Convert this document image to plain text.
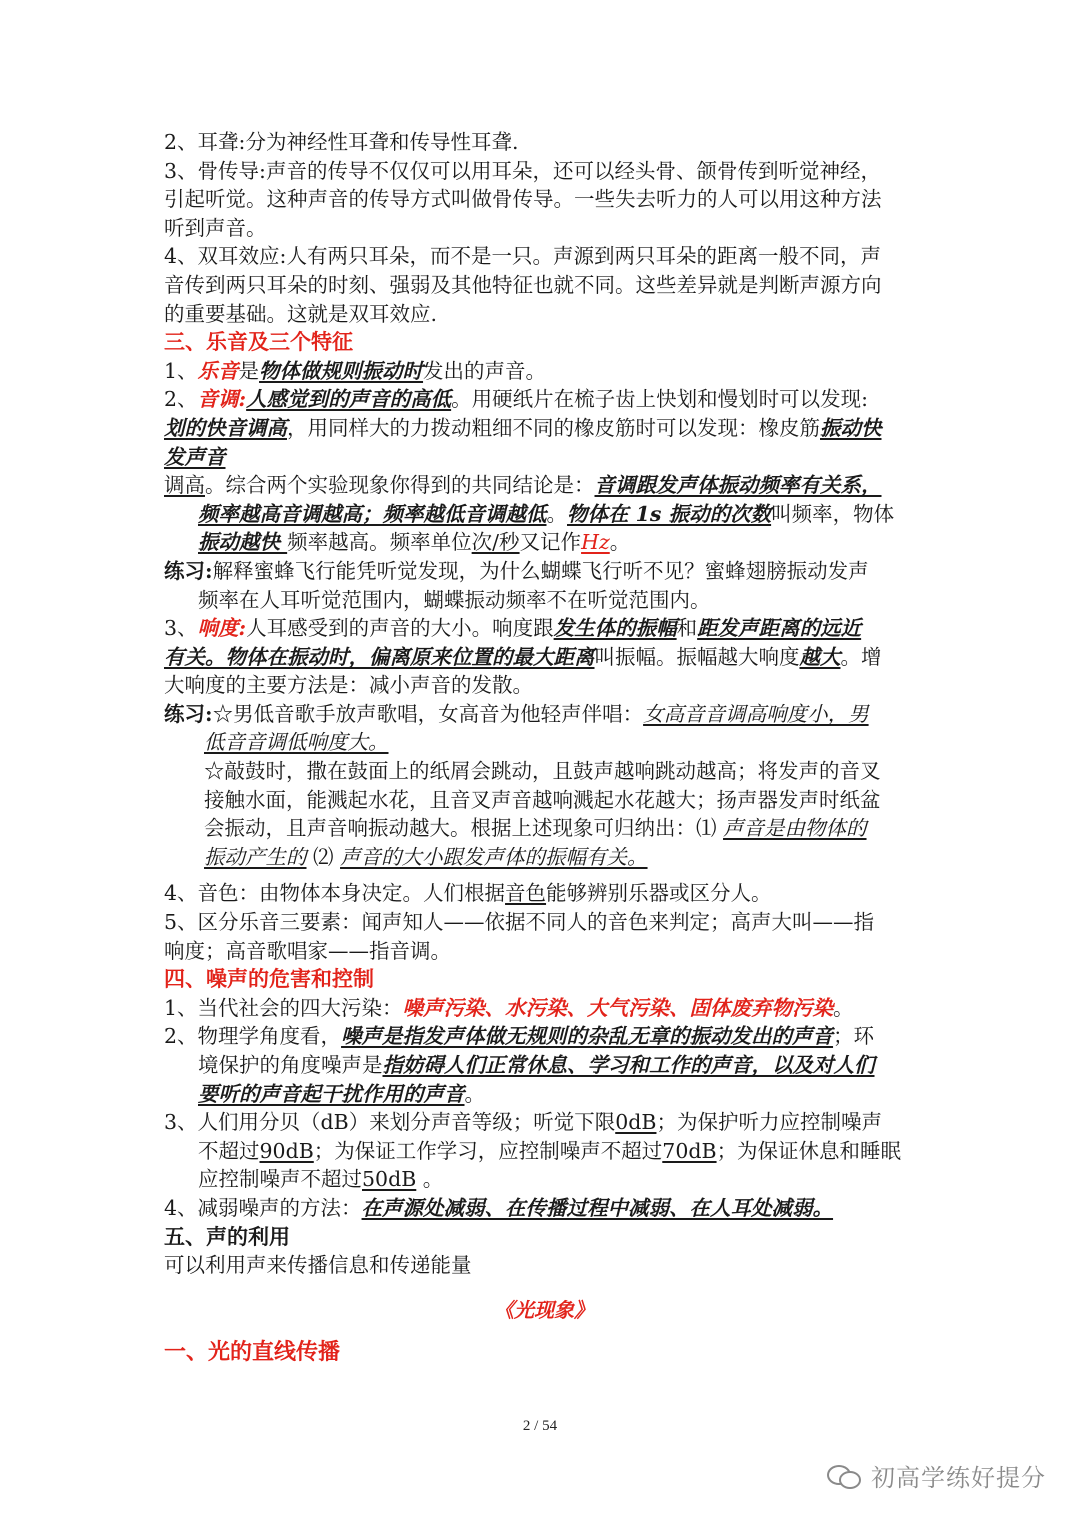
2、耳聋:分为神经性耳聋和传导性耳聋.
3、骨传导:声音的传导不仅仅可以用耳朵，还可以经头骨、颌骨传到听觉神经，
引起听觉。这种声音的传导方式叫做骨传导。一些失去听力的人可以用这种方法
听到声音。
4、双耳效应:人有两只耳朵，而不是一只。声源到两只耳朵的距离一般不同，声
音传到两只耳朵的时刻、强弱及其他特征也就不同。这些差异就是判断声源方向
的重要基础。这就是双耳效应.
三、乐音及三个特征
1、乐音是物体做规则振动时发出的声音。
2、音调:人感觉到的声音的高低。用硬纸片在梳子齿上快划和慢划时可以发现:
划的快音调高，用同样大的力拨动粗细不同的橡皮筋时可以发现：橡皮筋振动快
发声音
调高。综合两个实验现象你得到的共同结论是：音调跟发声体振动频率有关系，
频率越高音调越高；频率越低音调越低。物体在 1s 振动的次数叫频率，物体
振动越快 频率越高。频率单位次/秒又记作Hz。
练习:解释蜜蜂飞行能凭听觉发现，为什么蝴蝶飞行听不见？蜜蜂翅膀振动发声
频率在人耳听觉范围内，蝴蝶振动频率不在听觉范围内。
3、响度:人耳感受到的声音的大小。响度跟发生体的振幅和距发声距离的远近
有关。物体在振动时，偏离原来位置的最大距离叫振幅。振幅越大响度越大。增
大响度的主要方法是：减小声音的发散。
练习:☆男低音歌手放声歌唱，女高音为他轻声伴唱：女高音音调高响度小，男
低音音调低响度大。
☆敲鼓时，撒在鼓面上的纸屑会跳动，且鼓声越响跳动越高；将发声的音叉
接触水面，能溅起水花，且音叉声音越响溅起水花越大；扬声器发声时纸盆
会振动，且声音响振动越大。根据上述现象可归纳出：⑴ 声音是由物体的
振动产生的 ⑵ 声音的大小跟发声体的振幅有关。
4、音色：由物体本身决定。人们根据音色能够辨别乐器或区分人。
5、区分乐音三要素：闻声知人——依据不同人的音色来判定；高声大叫——指
响度；高音歌唱家——指音调。
四、噪声的危害和控制
1、当代社会的四大污染：噪声污染、水污染、大气污染、固体废弃物污染。
2、物理学角度看，噪声是指发声体做无规则的杂乱无章的振动发出的声音；环
境保护的角度噪声是指妨碍人们正常休息、学习和工作的声音，以及对人们
要听的声音起干扰作用的声音。
3、人们用分贝（dB）来划分声音等级；听觉下限0dB；为保护听力应控制噪声
不超过90dB；为保证工作学习，应控制噪声不超过70dB；为保证休息和睡眠
应控制噪声不超过50dB 。
4、减弱噪声的方法：在声源处减弱、在传播过程中减弱、在人耳处减弱。
五、声的利用
可以利用声来传播信息和传递能量
《光现象》
一、光的直线传播
2 / 54
初高学练好提分
